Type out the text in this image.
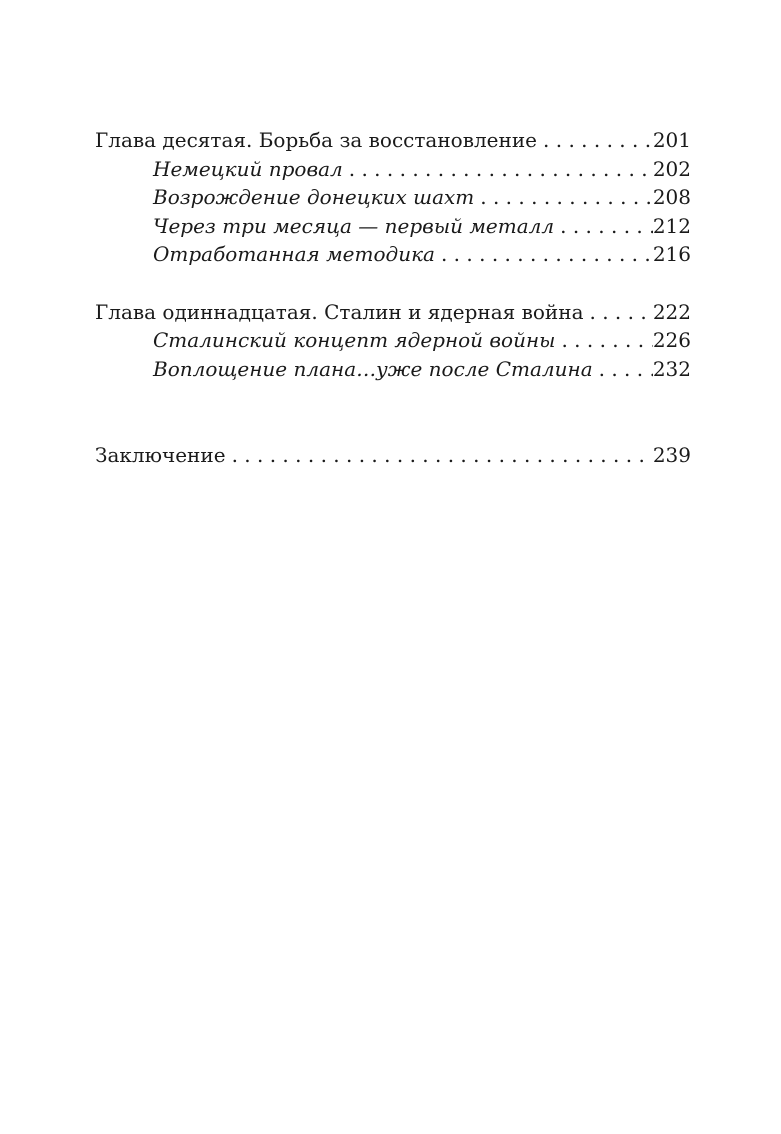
Глава десятая. Борьба за восстановление . . .	201
Немецкий провал . . .	202
Возрождение донецких шахт . . .	208
Через три месяца — первый металл . . .	212
Отработанная методика . . .	216
Глава одиннадцатая. Сталин и ядерная война . . .	222
Сталинский концепт ядерной войны . . .	226
Воплощение плана…уже после Сталина . . .	232
Заключение . . .	239
